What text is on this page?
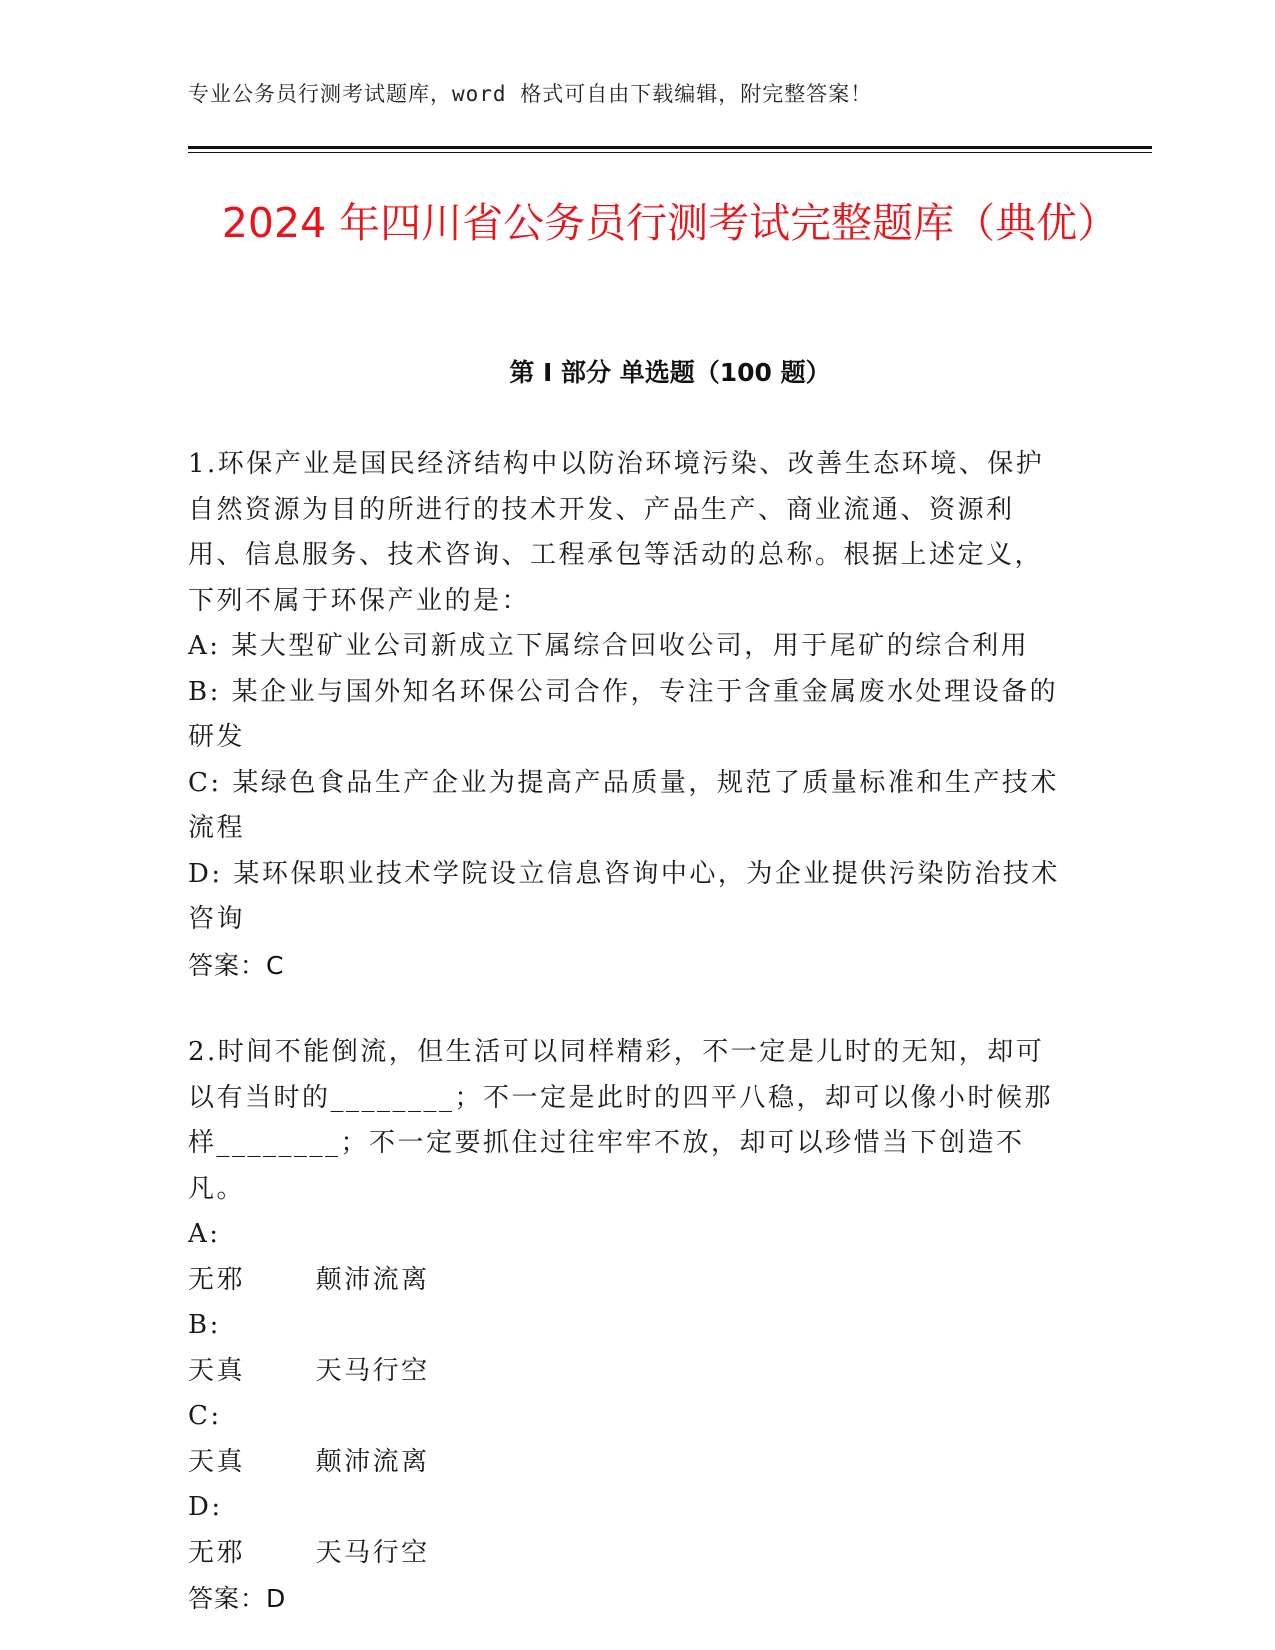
专业公务员行测考试题库，word 格式可自由下载编辑，附完整答案！
2024 年四川省公务员行测考试完整题库（典优）
第 I 部分 单选题（100 题）

1.环保产业是国民经济结构中以防治环境污染、改善生态环境、保护自然资源为目的所进行的技术开发、产品生产、商业流通、资源利用、信息服务、技术咨询、工程承包等活动的总称。根据上述定义，下列不属于环保产业的是：

A: 某大型矿业公司新成立下属综合回收公司，用于尾矿的综合利用

B: 某企业与国外知名环保公司合作，专注于含重金属废水处理设备的研发

C: 某绿色食品生产企业为提高产品质量，规范了质量标准和生产技术流程

D: 某环保职业技术学院设立信息咨询中心，为企业提供污染防治技术咨询

答案：C

2.时间不能倒流，但生活可以同样精彩，不一定是儿时的无知，却可以有当时的________；不一定是此时的四平八稳，却可以像小时候那样________；不一定要抓住过往牢牢不放，却可以珍惜当下创造不凡。

A: 无邪	颠沛流离

B: 天真	天马行空

C: 天真	颠沛流离

D: 无邪	天马行空

答案：D
